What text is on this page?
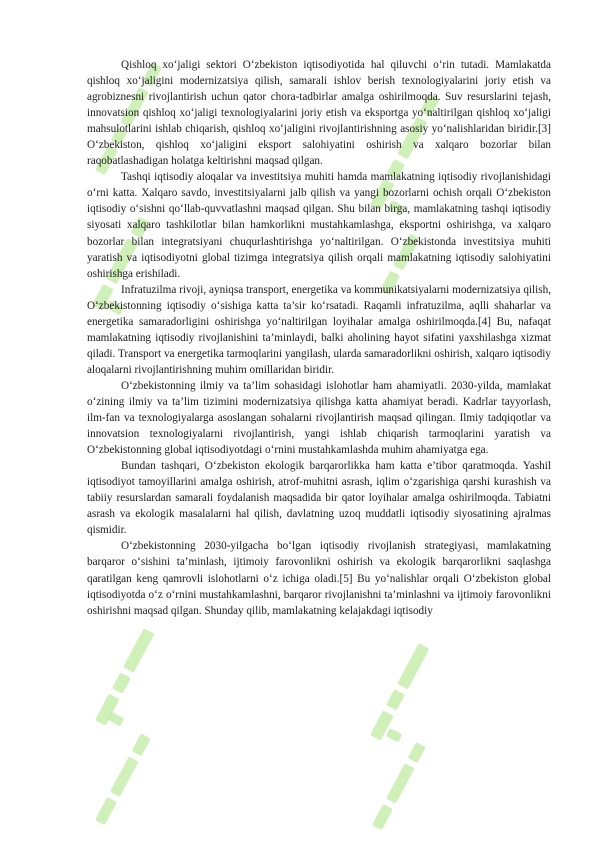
Qishloq xo‘jaligi sektori O‘zbekiston iqtisodiyotida hal qiluvchi o‘rin tutadi. Mamlakatda qishloq xo‘jaligini modernizatsiya qilish, samarali ishlov berish texnologiyalarini joriy etish va agrobiznesni rivojlantirish uchun qator chora-tadbirlar amalga oshirilmoqda. Suv resurslarini tejash, innovatsion qishloq xo‘jaligi texnologiyalarini joriy etish va eksportga yo‘naltirilgan qishloq xo‘jaligi mahsulotlarini ishlab chiqarish, qishloq xo‘jaligini rivojlantirishning asosiy yo‘nalishlaridan biridir.[3] O‘zbekiston, qishloq xo‘jaligini eksport salohiyatini oshirish va xalqaro bozorlar bilan raqobatlashadigan holatga keltirishni maqsad qilgan.

Tashqi iqtisodiy aloqalar va investitsiya muhiti hamda mamlakatning iqtisodiy rivojlanishidagi o‘rni katta. Xalqaro savdo, investitsiyalarni jalb qilish va yangi bozorlarni ochish orqali O‘zbekiston iqtisodiy o‘sishni qo‘llab-quvvatlashni maqsad qilgan. Shu bilan birga, mamlakatning tashqi iqtisodiy siyosati xalqaro tashkilotlar bilan hamkorlikni mustahkamlashga, eksportni oshirishga, va xalqaro bozorlar bilan integratsiyani chuqurlashtirishga yo‘naltirilgan. O‘zbekistonda investitsiya muhiti yaratish va iqtisodiyotni global tizimga integratsiya qilish orqali mamlakatning iqtisodiy salohiyatini oshirishga erishiladi.

Infratuzilma rivoji, ayniqsa transport, energetika va kommunikatsiyalarni modernizatsiya qilish, O‘zbekistonning iqtisodiy o‘sishiga katta ta’sir ko‘rsatadi. Raqamli infratuzilma, aqlli shaharlar va energetika samaradorligini oshirishga yo‘naltirilgan loyihalar amalga oshirilmoqda.[4] Bu, nafaqat mamlakatning iqtisodiy rivojlanishini ta’minlaydi, balki aholining hayot sifatini yaxshilashga xizmat qiladi. Transport va energetika tarmoqlarini yangilash, ularda samaradorlikni oshirish, xalqaro iqtisodiy aloqalarni rivojlantirishning muhim omillaridan biridir.

O‘zbekistonning ilmiy va ta’lim sohasidagi islohotlar ham ahamiyatli. 2030-yilda, mamlakat o‘zining ilmiy va ta’lim tizimini modernizatsiya qilishga katta ahamiyat beradi. Kadrlar tayyorlash, ilm-fan va texnologiyalarga asoslangan sohalarni rivojlantirish maqsad qilingan. Ilmiy tadqiqotlar va innovatsion texnologiyalarni rivojlantirish, yangi ishlab chiqarish tarmoqlarini yaratish va O‘zbekistonning global iqtisodiyotdagi o‘rnini mustahkamlashda muhim ahamiyatga ega.

Bundan tashqari, O‘zbekiston ekologik barqarorlikka ham katta e’tibor qaratmoqda. Yashil iqtisodiyot tamoyillarini amalga oshirish, atrof-muhitni asrash, iqlim o‘zgarishiga qarshi kurashish va tabiiy resurslardan samarali foydalanish maqsadida bir qator loyihalar amalga oshirilmoqda. Tabiatni asrash va ekologik masalalarni hal qilish, davlatning uzoq muddatli iqtisodiy siyosatining ajralmas qismidir.

O‘zbekistonning 2030-yilgacha bo‘lgan iqtisodiy rivojlanish strategiyasi, mamlakatning barqaror o‘sishini ta’minlash, ijtimoiy farovonlikni oshirish va ekologik barqarorlikni saqlashga qaratilgan keng qamrovli islohotlarni o‘z ichiga oladi.[5] Bu yo‘nalishlar orqali O‘zbekiston global iqtisodiyotda o‘z o‘rnini mustahkamlashni, barqaror rivojlanishni ta’minlashni va ijtimoiy farovonlikni oshirishni maqsad qilgan. Shunday qilib, mamlakatning kelajakdagi iqtisodiy
